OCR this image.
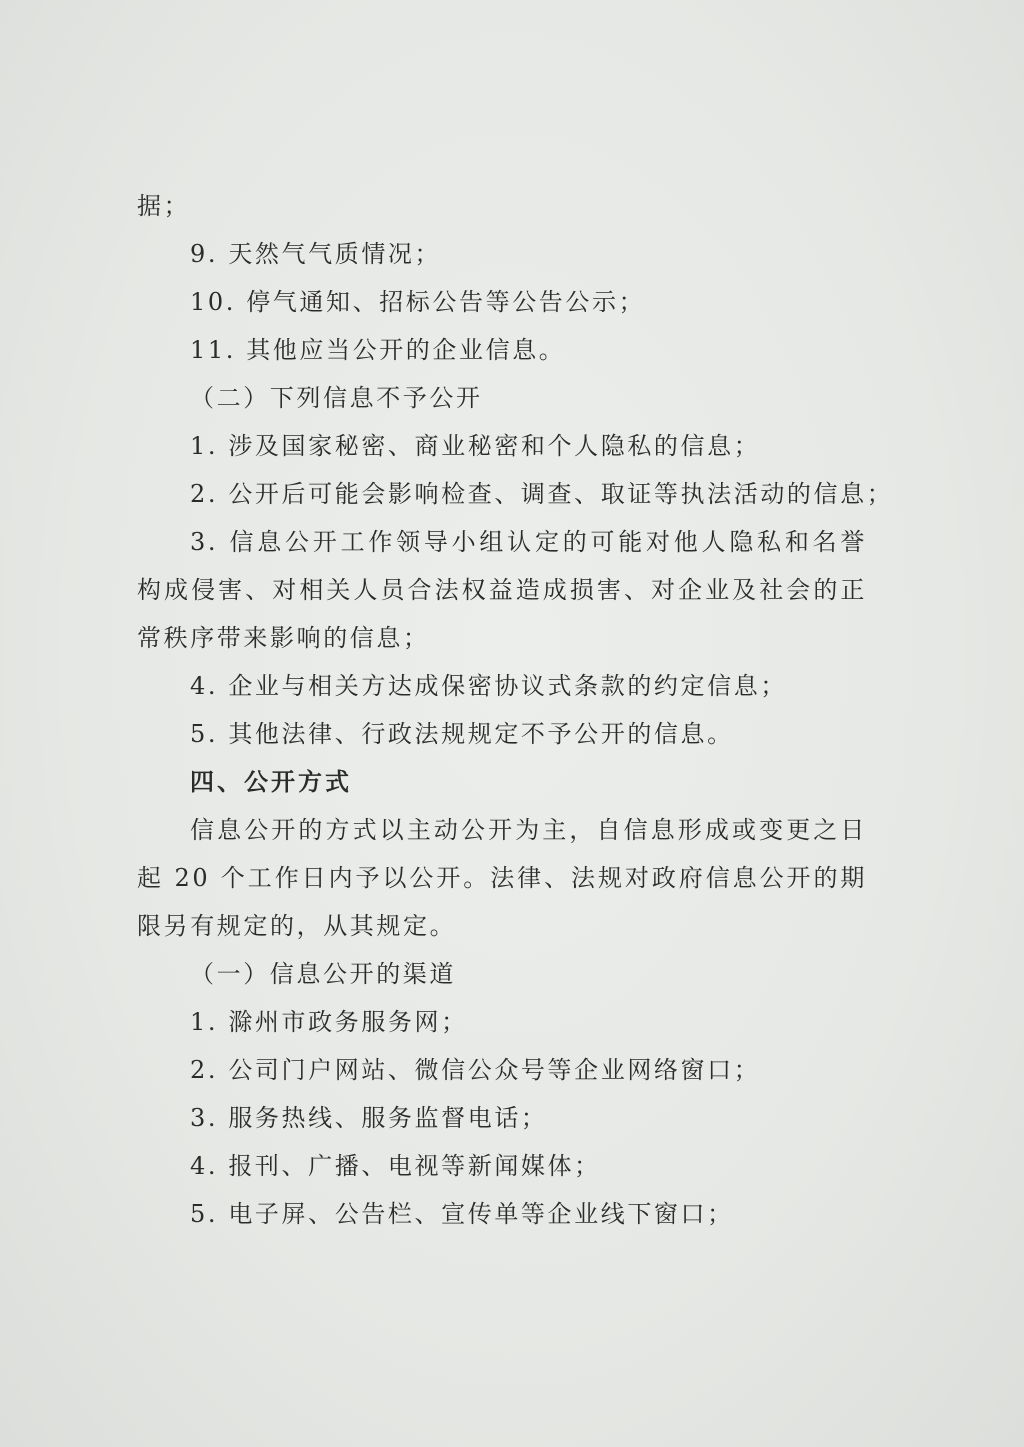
据；
9. 天然气气质情况；
10. 停气通知、招标公告等公告公示；
11. 其他应当公开的企业信息。
（二）下列信息不予公开
1. 涉及国家秘密、商业秘密和个人隐私的信息；
2. 公开后可能会影响检查、调查、取证等执法活动的信息；
3. 信息公开工作领导小组认定的可能对他人隐私和名誉
构成侵害、对相关人员合法权益造成损害、对企业及社会的正
常秩序带来影响的信息；
4. 企业与相关方达成保密协议式条款的约定信息；
5. 其他法律、行政法规规定不予公开的信息。
四、公开方式
信息公开的方式以主动公开为主，自信息形成或变更之日
起 20 个工作日内予以公开。法律、法规对政府信息公开的期
限另有规定的，从其规定。
（一）信息公开的渠道
1. 滁州市政务服务网；
2. 公司门户网站、微信公众号等企业网络窗口；
3. 服务热线、服务监督电话；
4. 报刊、广播、电视等新闻媒体；
5. 电子屏、公告栏、宣传单等企业线下窗口；
